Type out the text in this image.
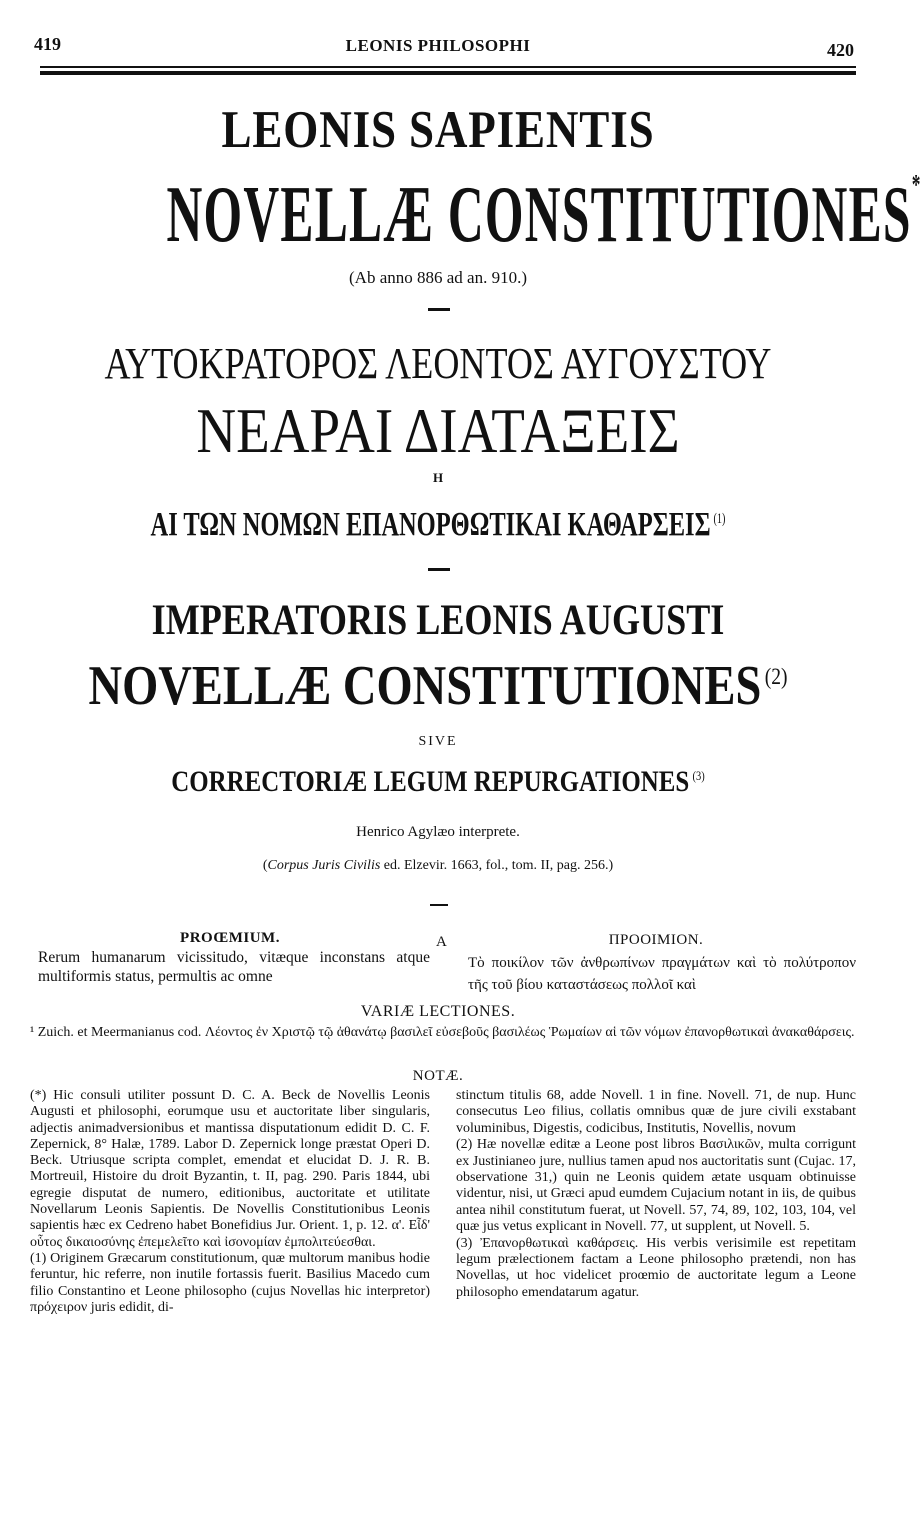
419	LEONIS PHILOSOPHI	420
LEONIS SAPIENTIS
NOVELLÆ CONSTITUTIONES*
(Ab anno 886 ad an. 910.)
ΑΥΤΟΚΡΑΤΟΡΟΣ ΛΕΟΝΤΟΣ ΑΥΓΟΥΣΤΟΥ
ΝΕΑΡΑΙ ΔΙΑΤΑΞΕΙΣ
Η
ΑΙ ΤΩΝ ΝΟΜΩΝ ΕΠΑΝΟΡΘΩΤΙΚΑΙ ΚΑΘΑΡΣΕΙΣ $^{(1)}$
IMPERATORIS LEONIS AUGUSTI
NOVELLÆ CONSTITUTIONES $^{(2)}$
SIVE
CORRECTORIÆ LEGUM REPURGATIONES $^{(3)}$
Henrico Agylæo interprete.
(Corpus Juris Civilis ed. Elzevir. 1663, fol., tom. II, pag. 256.)
PROŒMIUM.	A	ΠΡΟΟΙΜΙΟΝ.
Rerum humanarum vicissitudo, vitæque inconstans atque multiformis status, permultis ac omne
Τὸ ποικίλον τῶν ἀνθρωπίνων πραγμάτων καὶ τὸ πολύτροπον τῆς τοῦ βίου καταστάσεως πολλοῖ καὶ
VARIÆ LECTIONES.
¹ Zuich. et Meermanianus cod. Λέοντος ἐν Χριστῷ τῷ ἀθανάτῳ βασιλεῖ εὐσεβοῦς βασιλέως Ῥωμαίων αἱ τῶν νόμων ἐπανορθωτικαὶ ἀνακαθάρσεις.
NOTÆ.

(*) Hic consuli utiliter possunt D. C. A. Beck de Novellis Leonis Augusti et philosophi, eorumque usu et auctoritate liber singularis, adjectis animadversionibus et mantissa disputationum edidit D. C. F. Zepernick, 8° Halæ, 1789. Labor D. Zepernick longe præstat Operi D. Beck. Utriusque scripta complet, emendat et elucidat D. J. R. B. Mortreuil, Histoire du droit Byzantin, t. II, pag. 290. Paris 1844, ubi egregie disputat de numero, editionibus, auctoritate et utilitate Novellarum Leonis Sapientis. De Novellis Constitutionibus Leonis sapientis hæc ex Cedreno habet Bonefidius Jur. Orient. 1, p. 12. α'. Εἶδ' οὗτος δικαιοσύνης ἐπεμελεῖτο καὶ ἰσονομίαν ἐμπολιτεύεσθαι.

(1) Originem Græcarum constitutionum, quæ multorum manibus hodie feruntur, hic referre, non inutile fortassis fuerit. Basilius Macedo cum filio Constantino et Leone philosopho (cujus Novellas hic interpretor) πρόχειρον juris edidit, di-

stinctum titulis 68, adde Novell. 1 in fine. Novell. 71, de nup. Hunc consecutus Leo filius, collatis omnibus quæ de jure civili exstabant voluminibus, Digestis, codicibus, Institutis, Novellis, novum

(2) Hæ novellæ editæ a Leone post libros Βασιλικῶν, multa corrigunt ex Justinianeo jure, nullius tamen apud nos auctoritatis sunt (Cujac. 17, observatione 31,) quin ne Leonis quidem ætate usquam obtinuisse videntur, nisi, ut Græci apud eumdem Cujacium notant in iis, de quibus antea nihil constitutum fuerat, ut Novell. 57, 74, 89, 102, 103, 104, vel quæ jus vetus explicant in Novell. 77, ut supplent, ut Novell. 5.

(3) Ἐπανορθωτικαὶ καθάρσεις. His verbis verisimile est repetitam legum prælectionem factam a Leone philosopho prætendi, non has Novellas, ut hoc videlicet proœmio de auctoritate legum a Leone philosopho emendatarum agatur.
